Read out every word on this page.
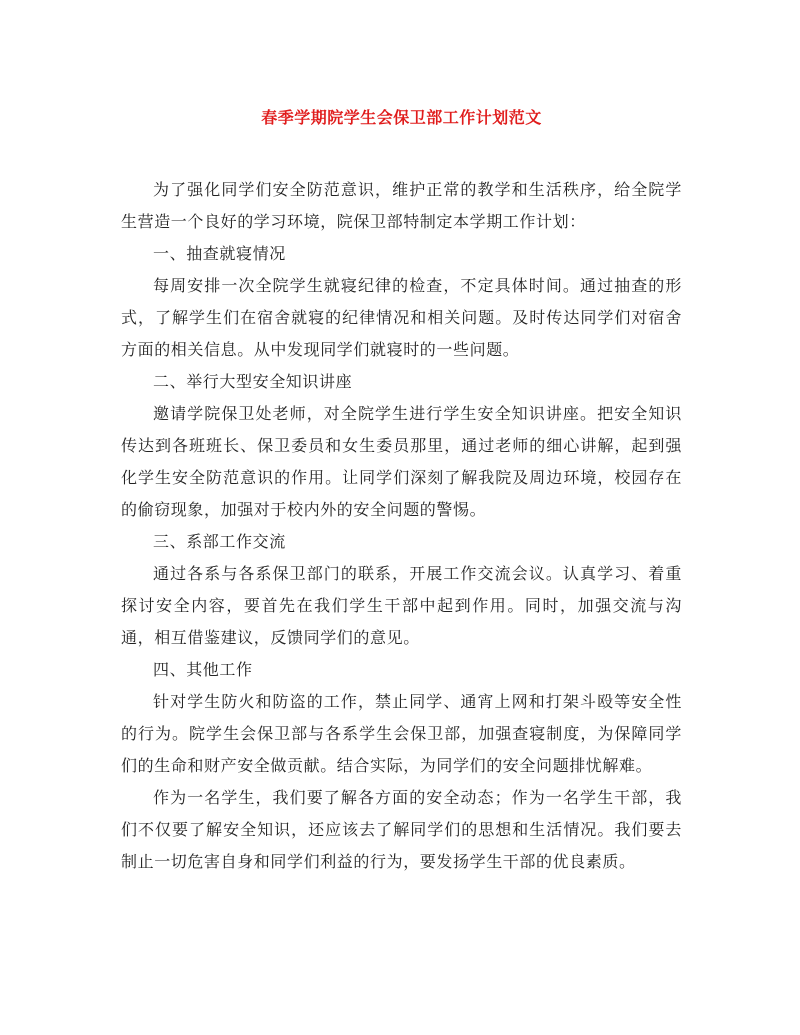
春季学期院学生会保卫部工作计划范文

为了强化同学们安全防范意识，维护正常的教学和生活秩序，给全院学生营造一个良好的学习环境，院保卫部特制定本学期工作计划：

一、抽查就寝情况

每周安排一次全院学生就寝纪律的检查，不定具体时间。通过抽查的形式，了解学生们在宿舍就寝的纪律情况和相关问题。及时传达同学们对宿舍方面的相关信息。从中发现同学们就寝时的一些问题。

二、举行大型安全知识讲座

邀请学院保卫处老师，对全院学生进行学生安全知识讲座。把安全知识传达到各班班长、保卫委员和女生委员那里，通过老师的细心讲解，起到强化学生安全防范意识的作用。让同学们深刻了解我院及周边环境，校园存在的偷窃现象，加强对于校内外的安全问题的警惕。

三、系部工作交流

通过各系与各系保卫部门的联系，开展工作交流会议。认真学习、着重探讨安全内容，要首先在我们学生干部中起到作用。同时，加强交流与沟通，相互借鉴建议，反馈同学们的意见。

四、其他工作

针对学生防火和防盗的工作，禁止同学、通宵上网和打架斗殴等安全性的行为。院学生会保卫部与各系学生会保卫部，加强查寝制度，为保障同学们的生命和财产安全做贡献。结合实际，为同学们的安全问题排忧解难。

作为一名学生，我们要了解各方面的安全动态；作为一名学生干部，我们不仅要了解安全知识，还应该去了解同学们的思想和生活情况。我们要去制止一切危害自身和同学们利益的行为，要发扬学生干部的优良素质。
